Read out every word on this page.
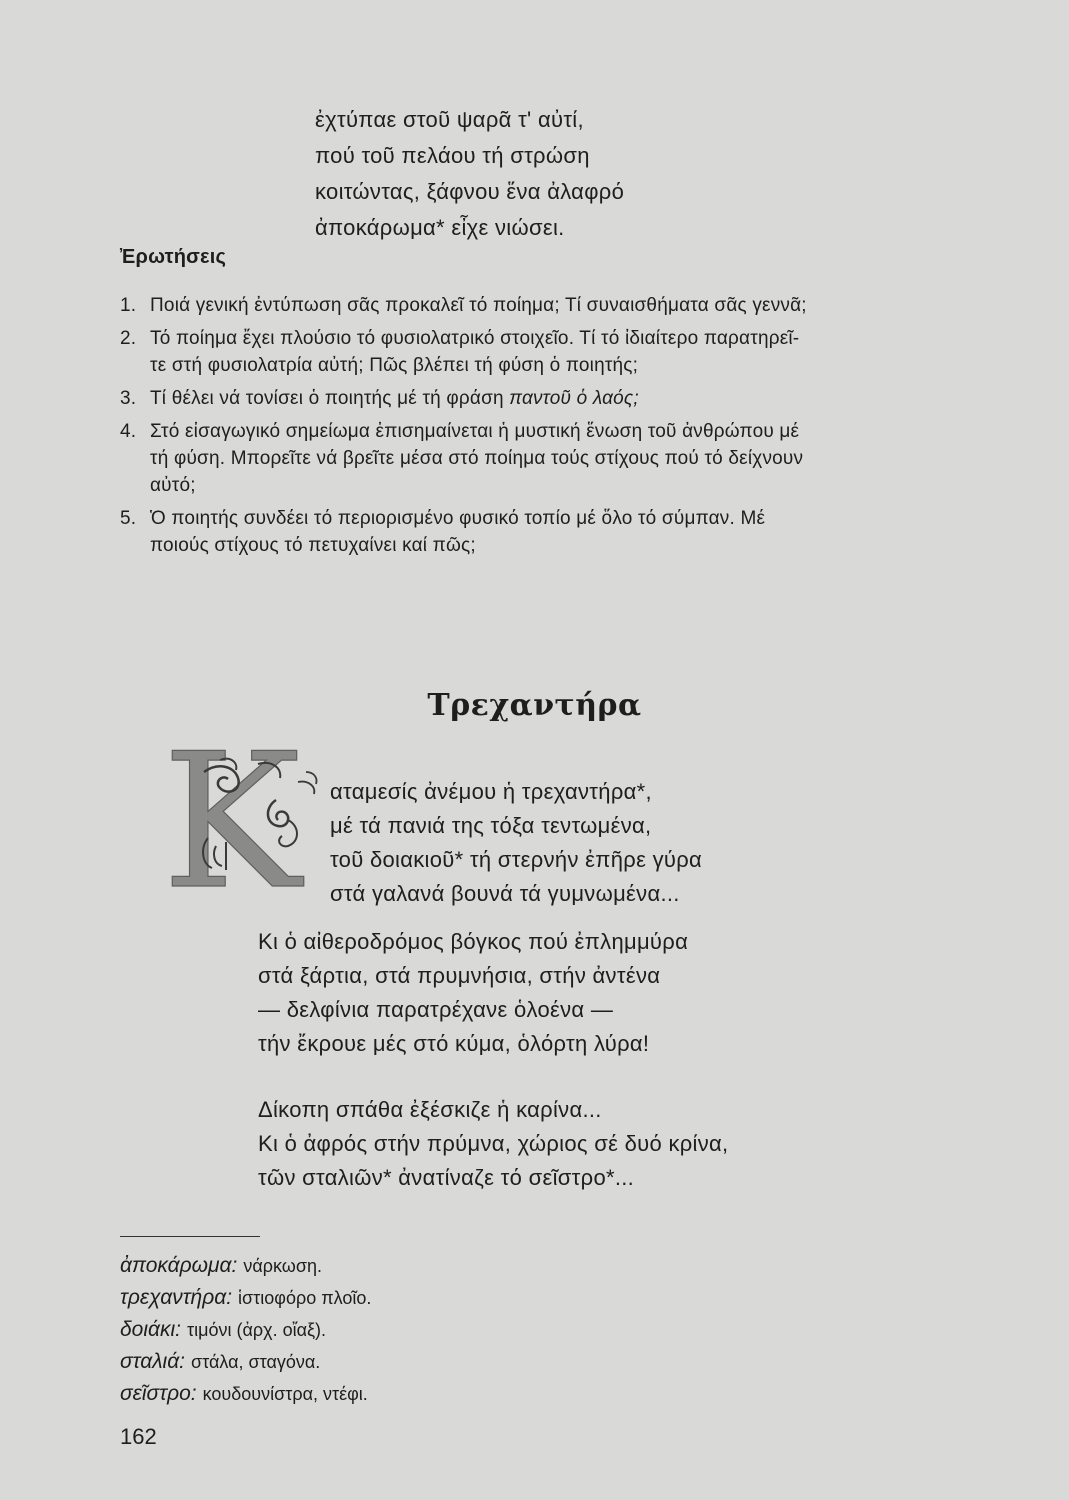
ἐχτύπαε στοῦ ψαρᾶ τ' αὐτί,
πού τοῦ πελάου τή στρώση
κοιτώντας, ξάφνου ἕνα ἀλαφρό
ἀποκάρωμα* εἶχε νιώσει.
Ἐρωτήσεις
1. Ποιά γενική ἐντύπωση σᾶς προκαλεῖ τό ποίημα; Τί συναισθήματα σᾶς γεννᾶ;
2. Τό ποίημα ἔχει πλούσιο τό φυσιολατρικό στοιχεῖο. Τί τό ἰδιαίτερο παρατηρεῖ-
τε στή φυσιολατρία αὐτή; Πῶς βλέπει τή φύση ὁ ποιητής;
3. Τί θέλει νά τονίσει ὁ ποιητής μέ τή φράση παντοῦ ὁ λαός;
4. Στό εἰσαγωγικό σημείωμα ἐπισημαίνεται ἡ μυστική ἕνωση τοῦ ἀνθρώπου μέ
τή φύση. Μπορεῖτε νά βρεῖτε μέσα στό ποίημα τούς στίχους πού τό δείχνουν
αὐτό;
5. Ὁ ποιητής συνδέει τό περιορισμένο φυσικό τοπίο μέ ὅλο τό σύμπαν. Μέ
ποιούς στίχους τό πετυχαίνει καί πῶς;
Τρεχαντήρα
Κ αταμεσίς ἀνέμου ἡ τρεχαντήρα*,
μέ τά πανιά της τόξα τεντωμένα,
τοῦ δοιακιοῦ* τή στερνήν ἐπῆρε γύρα
στά γαλανά βουνά τά γυμνωμένα...
Κι ὁ αἰθεροδρόμος βόγκος πού ἐπλημμύρα
στά ξάρτια, στά πρυμνήσια, στήν ἀντένα
— δελφίνια παρατρέχανε ὁλοένα —
τήν ἔκρουε μές στό κύμα, ὁλόρτη λύρα!
Δίκοπη σπάθα ἐξέσκιζε ἡ καρίνα...
Κι ὁ ἀφρός στήν πρύμνα, χώριος σέ δυό κρίνα,
τῶν σταλιῶν* ἀνατίναζε τό σεῖστρο*...
ἀποκάρωμα: νάρκωση.
τρεχαντήρα: ἱστιοφόρο πλοῖο.
δοιάκι: τιμόνι (ἀρχ. οἴαξ).
σταλιά: στάλα, σταγόνα.
σεῖστρο: κουδουνίστρα, ντέφι.
162
